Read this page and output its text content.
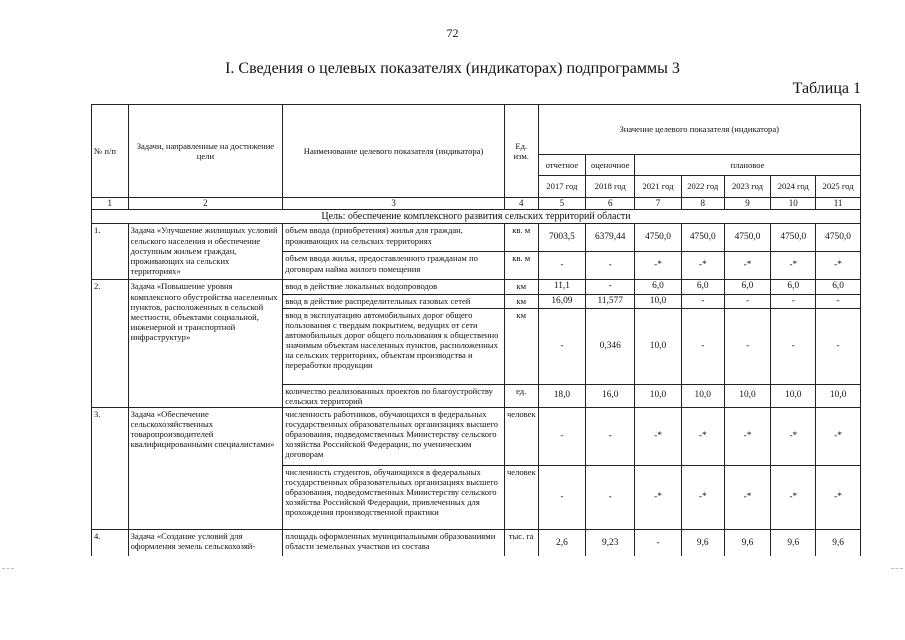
72
I. Сведения о целевых показателях (индикаторах) подпрограммы 3
Таблица 1
№ п/п	Задачи, направленные на достижение цели	Наименование целевого показателя (индикатора)	Ед. изм.	Значение целевого показателя (индикатора)						
				отчетное	оценочное	плановое				
				2017 год	2018 год	2021 год	2022 год	2023 год	2024 год	2025 год
1	2	3	4	5	6	7	8	9	10	11
Цель: обеспечение комплексного развития сельских территорий области										
1.	Задача «Улучшение жилищных условий сельского населения и обеспечение доступным жильем граждан, проживающих на сельских территориях»	объем ввода (приобретения) жилья для граждан, проживающих на сельских территориях	кв. м	7003,5	6379,44	4750,0	4750,0	4750,0	4750,0	4750,0
		объем ввода жилья, предоставленного гражданам по договорам найма жилого помещения	кв. м	-	-	-*	-*	-*	-*	-*
2.	Задача «Повышение уровня комплексного обустройства населенных пунктов, расположенных в сельской местности, объектами социальной, инженерной и транспортной инфраструктур»	ввод в действие локальных водопроводов	км	11,1	-	6,0	6,0	6,0	6,0	6,0
		ввод в действие распределительных газовых сетей	км	16,09	11,577	10,0	-	-	-	-
		ввод в эксплуатацию автомобильных дорог общего пользования с твердым покрытием, ведущих от сети автомобильных дорог общего пользования к общественно значимым объектам населенных пунктов, расположенных на сельских территориях, объектам производства и переработки продукции	км	-	0,346	10,0	-	-	-	-
		количество реализованных проектов по благоустройству сельских территорий	ед.	18,0	16,0	10,0	10,0	10,0	10,0	10,0
3.	Задача «Обеспечение сельскохозяйственных товаропроизводителей квалифицированными специалистами»	численность работников, обучающихся в федеральных государственных образовательных организациях высшего образования, подведомственных Министерству сельского хозяйства Российской Федерации, по ученическим договорам	человек	-	-	-*	-*	-*	-*	-*
		численность студентов, обучающихся в федеральных государственных образовательных организациях высшего образования, подведомственных Министерству сельского хозяйства Российской Федерации, привлеченных для прохождения производственной практики	человек	-	-	-*	-*	-*	-*	-*
4.	Задача «Создание условий для оформления земель сельскохозяй-	площадь оформленных муниципальными образованиями области земельных участков из состава	тыс. га	2,6	9,23	-	9,6	9,6	9,6	9,6
